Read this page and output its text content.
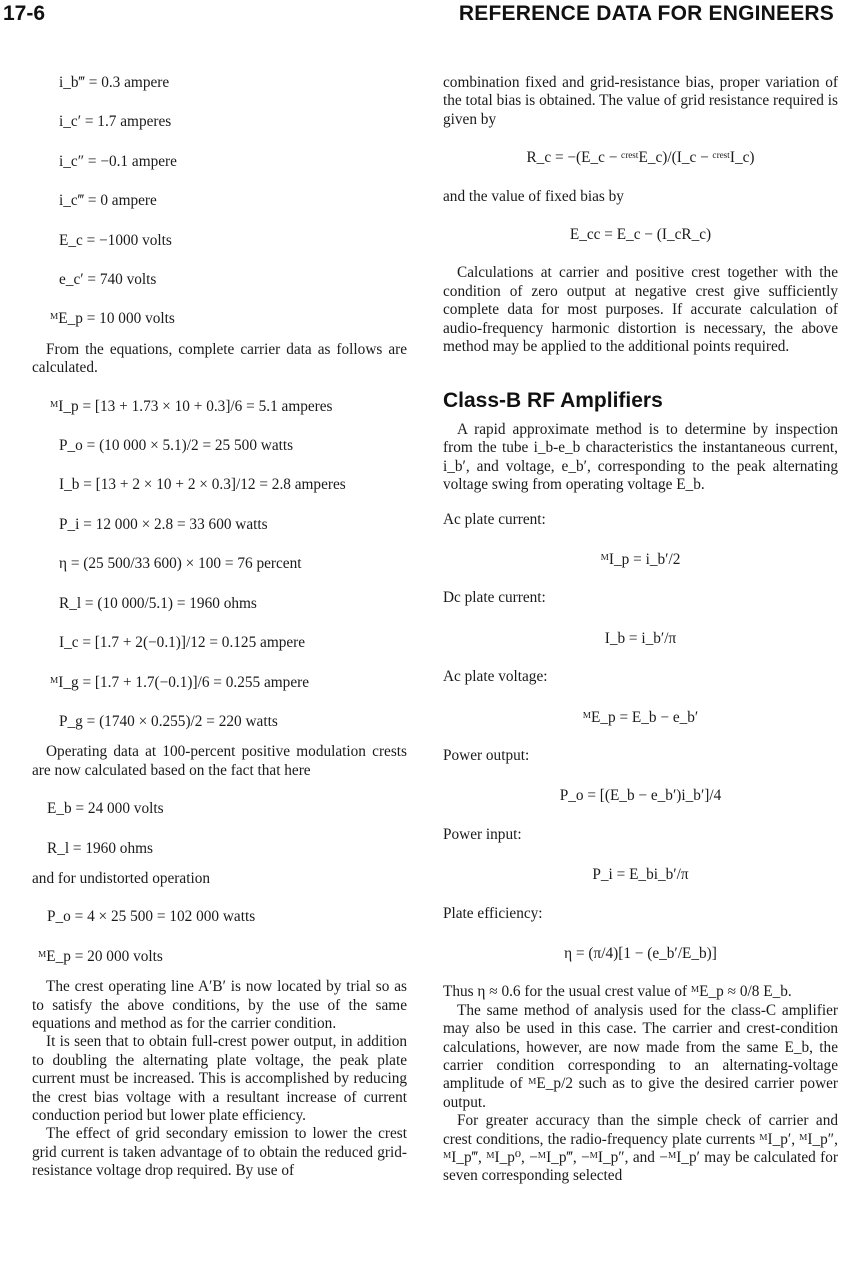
17-6	REFERENCE DATA FOR ENGINEERS

i_b‴ = 0.3 ampere

i_c′ = 1.7 amperes

i_c″ = −0.1 ampere

i_c‴ = 0 ampere

E_c = −1000 volts

e_c′ = 740 volts

ᴹE_p = 10 000 volts

From the equations, complete carrier data as follows are calculated.

ᴹI_p = [13 + 1.73 × 10 + 0.3]/6 = 5.1 amperes

P_o = (10 000 × 5.1)/2 = 25 500 watts

I_b = [13 + 2 × 10 + 2 × 0.3]/12 = 2.8 amperes

P_i = 12 000 × 2.8 = 33 600 watts

η = (25 500/33 600) × 100 = 76 percent

R_l = (10 000/5.1) = 1960 ohms

I_c = [1.7 + 2(−0.1)]/12 = 0.125 ampere

ᴹI_g = [1.7 + 1.7(−0.1)]/6 = 0.255 ampere

P_g = (1740 × 0.255)/2 = 220 watts

Operating data at 100-percent positive modulation crests are now calculated based on the fact that here

E_b = 24 000 volts

R_l = 1960 ohms

and for undistorted operation

P_o = 4 × 25 500 = 102 000 watts

ᴹE_p = 20 000 volts

The crest operating line A′B′ is now located by trial so as to satisfy the above conditions, by the use of the same equations and method as for the carrier condition.

It is seen that to obtain full-crest power output, in addition to doubling the alternating plate voltage, the peak plate current must be increased. This is accomplished by reducing the crest bias voltage with a resultant increase of current conduction period but lower plate efficiency.

The effect of grid secondary emission to lower the crest grid current is taken advantage of to obtain the reduced grid-resistance voltage drop required. By use of

combination fixed and grid-resistance bias, proper variation of the total bias is obtained. The value of grid resistance required is given by

R_c = −(E_c − ᶜʳᵉˢᵗE_c)/(I_c − ᶜʳᵉˢᵗI_c)

and the value of fixed bias by

E_cc = E_c − (I_cR_c)

Calculations at carrier and positive crest together with the condition of zero output at negative crest give sufficiently complete data for most purposes. If accurate calculation of audio-frequency harmonic distortion is necessary, the above method may be applied to the additional points required.

Class-B RF Amplifiers

A rapid approximate method is to determine by inspection from the tube i_b-e_b characteristics the instantaneous current, i_b′, and voltage, e_b′, corresponding to the peak alternating voltage swing from operating voltage E_b.

Ac plate current:

ᴹI_p = i_b′/2

Dc plate current:

I_b = i_b′/π

Ac plate voltage:

ᴹE_p = E_b − e_b′

Power output:

P_o = [(E_b − e_b′)i_b′]/4

Power input:

P_i = E_bi_b′/π

Plate efficiency:

η = (π/4)[1 − (e_b′/E_b)]

Thus η ≈ 0.6 for the usual crest value of ᴹE_p ≈ 0/8 E_b.

The same method of analysis used for the class-C amplifier may also be used in this case. The carrier and crest-condition calculations, however, are now made from the same E_b, the carrier condition corresponding to an alternating-voltage amplitude of ᴹE_p/2 such as to give the desired carrier power output.

For greater accuracy than the simple check of carrier and crest conditions, the radio-frequency plate currents ᴹI_p′, ᴹI_p″, ᴹI_p‴, ᴹI_p⁰, −ᴹI_p‴, −ᴹI_p″, and −ᴹI_p′ may be calculated for seven corresponding selected
